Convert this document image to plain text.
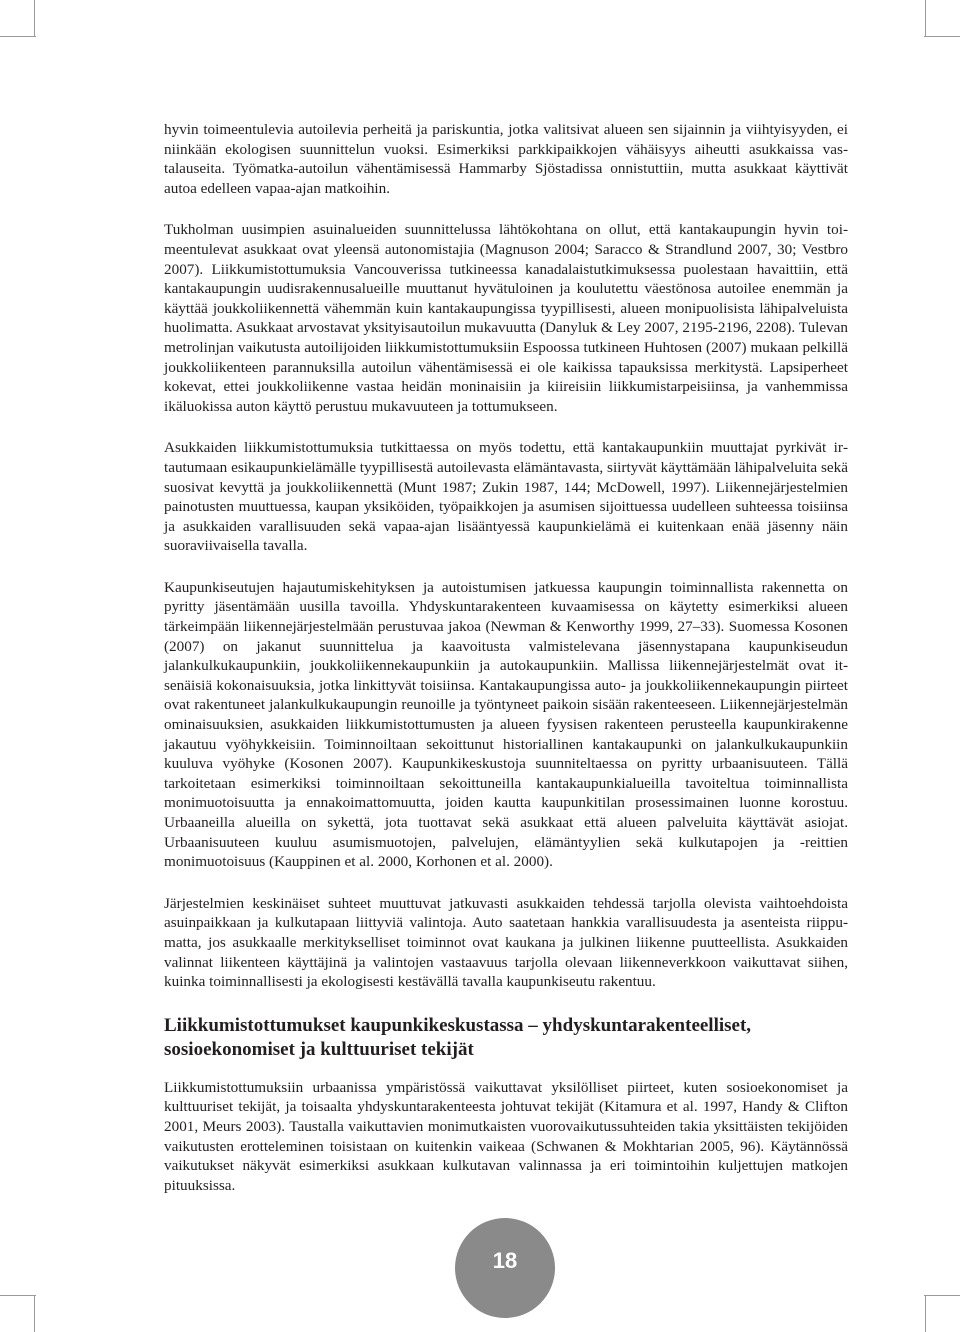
hyvin toimeentulevia autoilevia perheitä ja pariskuntia, jotka valitsivat alueen sen sijainnin ja viihtyisyyden, ei niinkään ekologisen suunnittelun vuoksi. Esimerkiksi parkkipaikkojen vähäisyys aiheutti asukkaissa vastalauseita. Työmatka-autoilun vähentämisessä Hammarby Sjöstadissa onnistuttiin, mutta asukkaat käyttivät autoa edelleen vapaa-ajan matkoihin.

Tukholman uusimpien asuinalueiden suunnittelussa lähtökohtana on ollut, että kantakaupungin hyvin toimeentulevat asukkaat ovat yleensä autonomistajia (Magnuson 2004; Saracco & Strandlund 2007, 30; Vestbro 2007). Liikkumistottumuksia Vancouverissa tutkineessa kanadalaistutkimuksessa puolestaan havaittiin, että kantakaupungin uudisrakennusalueille muuttanut hyvätuloinen ja koulutettu väestönosa autoilee enemmän ja käyttää joukkoliikennettä vähemmän kuin kantakaupungissa tyypillisesti, alueen monipuolisista lähipalveluista huolimatta. Asukkaat arvostavat yksityisautoilun mukavuutta (Danyluk & Ley 2007, 2195-2196, 2208). Tulevan metrolinjan vaikutusta autoilijoiden liikkumistottumuksiin Espoossa tutkineen Huhtosen (2007) mukaan pelkillä joukkoliikenteen parannuksilla autoilun vähentämisessä ei ole kaikissa tapauksissa merkitystä. Lapsiperheet kokevat, ettei joukkoliikenne vastaa heidän moninaisiin ja kiireisiin liikkumistarpeisiinsa, ja vanhemmissa ikäluokissa auton käyttö perustuu mukavuuteen ja tottumukseen.

Asukkaiden liikkumistottumuksia tutkittaessa on myös todettu, että kantakaupunkiin muuttajat pyrkivät irtautumaan esikaupunkielämälle tyypillisestä autoilevasta elämäntavasta, siirtyvät käyttämään lähipalveluita sekä suosivat kevyttä ja joukkoliikennettä (Munt 1987; Zukin 1987, 144; McDowell, 1997). Liikennejärjestelmien painotusten muuttuessa, kaupan yksiköiden, työpaikkojen ja asumisen sijoittuessa uudelleen suhteessa toisiinsa ja asukkaiden varallisuuden sekä vapaa-ajan lisääntyessä kaupunkielämä ei kuitenkaan enää jäsenny näin suoraviivaisella tavalla.

Kaupunkiseutujen hajautumiskehityksen ja autoistumisen jatkuessa kaupungin toiminnallista rakennetta on pyritty jäsentämään uusilla tavoilla. Yhdyskuntarakenteen kuvaamisessa on käytetty esimerkiksi alueen tärkeimpään liikennejärjestelmään perustuvaa jakoa (Newman & Kenworthy 1999, 27–33). Suomessa Kosonen (2007) on jakanut suunnittelua ja kaavoitusta valmistelevana jäsennystapana kaupunkiseudun jalankulkukaupunkiin, joukkoliikennekaupunkiin ja autokaupunkiin. Mallissa liikennejärjestelmät ovat itsenäisiä kokonaisuuksia, jotka linkittyvät toisiinsa. Kantakaupungissa auto- ja joukkoliikennekaupungin piirteet ovat rakentuneet jalankulkukaupungin reunoille ja työntyneet paikoin sisään rakenteeseen. Liikennejärjestelmän ominaisuuksien, asukkaiden liikkumistottumusten ja alueen fyysisen rakenteen perusteella kaupunkirakenne jakautuu vyöhykkeisiin. Toiminnoiltaan sekoittunut historiallinen kantakaupunki on jalankulkukaupunkiin kuuluva vyöhyke (Kosonen 2007). Kaupunkikeskustoja suunniteltaessa on pyritty urbaanisuuteen. Tällä tarkoitetaan esimerkiksi toiminnoiltaan sekoittuneilla kantakaupunkialueilla tavoiteltua toiminnallista monimuotoisuutta ja ennakoimattomuutta, joiden kautta kaupunkitilan prosessimainen luonne korostuu. Urbaaneilla alueilla on sykettä, jota tuottavat sekä asukkaat että alueen palveluita käyttävät asiojat. Urbaanisuuteen kuuluu asumismuotojen, palvelujen, elämäntyylien sekä kulkutapojen ja -reittien monimuotoisuus (Kauppinen et al. 2000, Korhonen et al. 2000).

Järjestelmien keskinäiset suhteet muuttuvat jatkuvasti asukkaiden tehdessä tarjolla olevista vaihtoehdoista asuinpaikkaan ja kulkutapaan liittyviä valintoja. Auto saatetaan hankkia varallisuudesta ja asenteista riippumatta, jos asukkaalle merkitykselliset toiminnot ovat kaukana ja julkinen liikenne puutteellista. Asukkaiden valinnat liikenteen käyttäjinä ja valintojen vastaavuus tarjolla olevaan liikenneverkkoon vaikuttavat siihen, kuinka toiminnallisesti ja ekologisesti kestävällä tavalla kaupunkiseutu rakentuu.

Liikkumistottumukset kaupunkikeskustassa – yhdyskuntarakenteelliset, sosioekonomiset ja kulttuuriset tekijät

Liikkumistottumuksiin urbaanissa ympäristössä vaikuttavat yksilölliset piirteet, kuten sosioekonomiset ja kulttuuriset tekijät, ja toisaalta yhdyskuntarakenteesta johtuvat tekijät (Kitamura et al. 1997, Handy & Clifton 2001, Meurs 2003). Taustalla vaikuttavien monimutkaisten vuorovaikutussuhteiden takia yksittäisten tekijöiden vaikutusten erotteleminen toisistaan on kuitenkin vaikeaa (Schwanen & Mokhtarian 2005, 96). Käytännössä vaikutukset näkyvät esimerkiksi asukkaan kulkutavan valinnassa ja eri toimintoihin kuljettujen matkojen pituuksissa.

18
